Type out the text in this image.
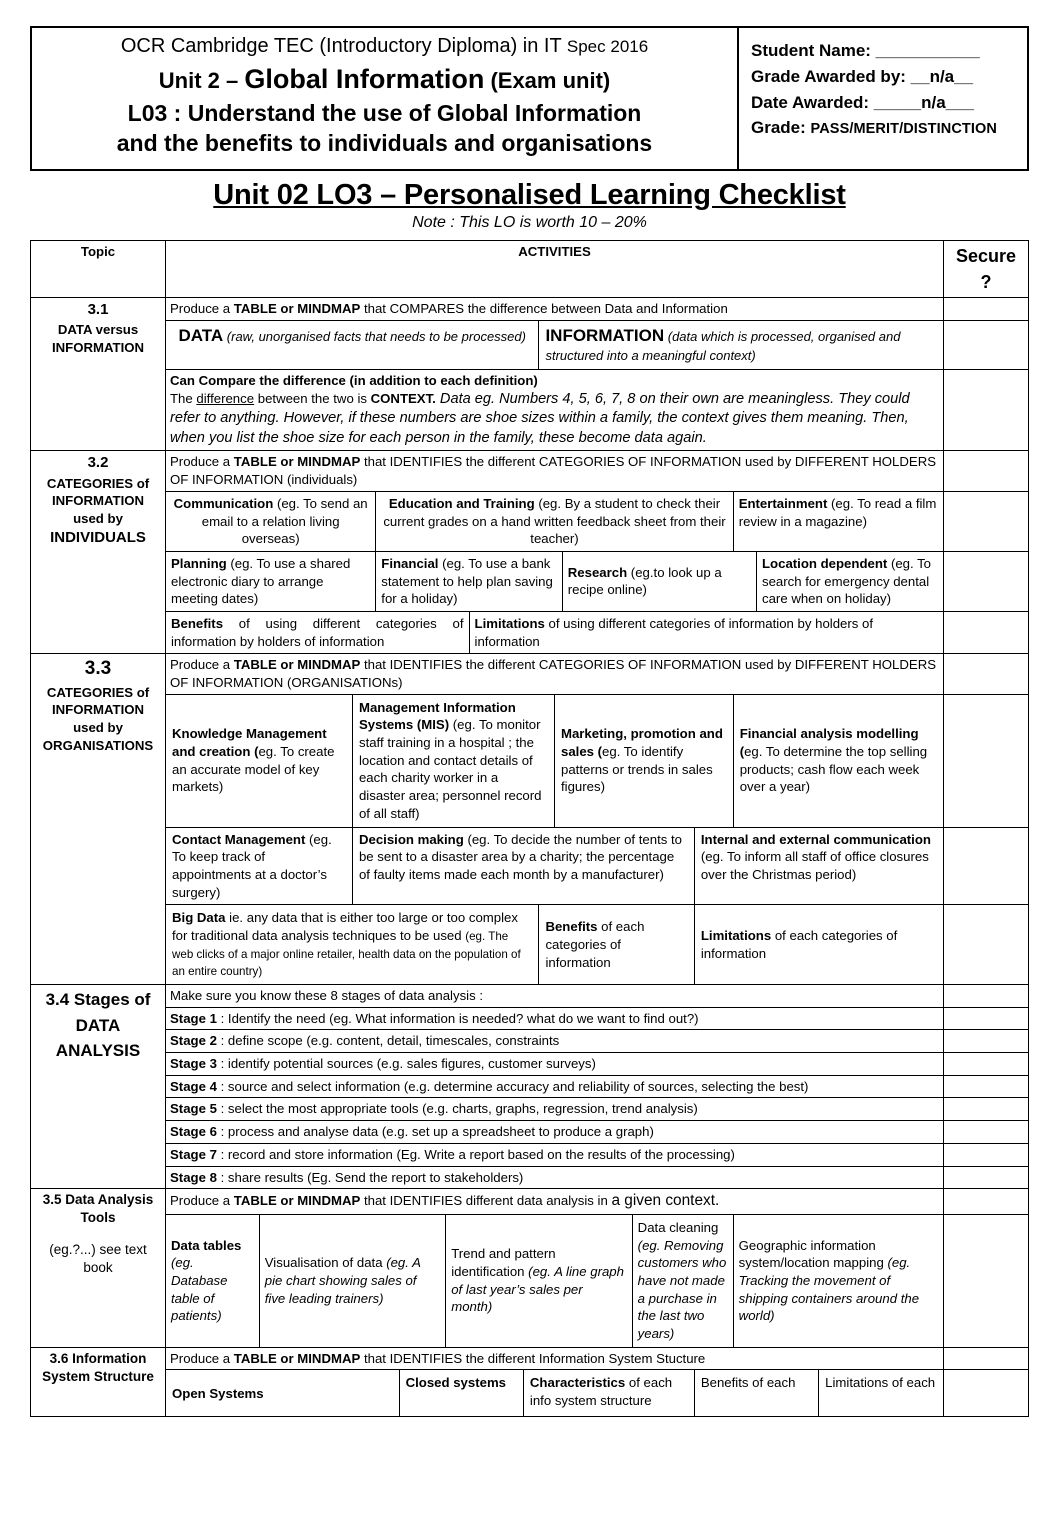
OCR Cambridge TEC (Introductory Diploma) in IT Spec 2016
Unit 2 – Global Information (Exam unit)
L03 : Understand the use of Global Information
and the benefits to individuals and organisations
Student Name: ___________
Grade Awarded by: __n/a__
Date Awarded: _____n/a___
Grade: PASS/MERIT/DISTINCTION
Unit 02 LO3 – Personalised Learning Checklist
Note : This LO is worth 10 – 20%
Topic	ACTIVITIES	Secure
?

3.1
DATA versus
INFORMATION	Produce a TABLE or MINDMAP that COMPARES the difference between Data and Information	

DATA (raw, unorganised facts that needs to be processed)	INFORMATION (data which is processed, organised and structured into a meaningful context)

Can Compare the difference (in addition to each definition)
The difference between the two is CONTEXT. Data eg. Numbers 4, 5, 6, 7, 8 on their own are meaningless. They could refer to anything. However, if these numbers are shoe sizes within a family, the context gives them meaning. Then, when you list the shoe size for each person in the family, these become data again.

3.2
CATEGORIES of
INFORMATION
used by
INDIVIDUALS	Produce a TABLE or MINDMAP that IDENTIFIES the different CATEGORIES OF INFORMATION used by DIFFERENT HOLDERS OF INFORMATION (individuals)	

Communication (eg. To send an email to a relation living overseas)	Education and Training (eg. By a student to check their current grades on a hand written feedback sheet from their teacher)	Entertainment (eg. To read a film review in a magazine)

Planning (eg. To use a shared electronic diary to arrange meeting dates)	Financial (eg. To use a bank statement to help plan saving for a holiday)	Research (eg.to look up a recipe online)	Location dependent (eg. To search for emergency dental care when on holiday)

Benefits of using different categories of information by holders of information	Limitations of using different categories of information by holders of information

3.3
CATEGORIES of
INFORMATION
used by
ORGANISATIONS	Produce a TABLE or MINDMAP that IDENTIFIES the different CATEGORIES OF INFORMATION used by DIFFERENT HOLDERS OF INFORMATION (ORGANISATIONs)	

Knowledge Management and creation (eg. To create an accurate model of key markets)	Management Information Systems (MIS) (eg. To monitor staff training in a hospital ; the location and contact details of each charity worker in a disaster area; personnel record of all staff)	Marketing, promotion and sales (eg. To identify patterns or trends in sales figures)	Financial analysis modelling (eg. To determine the top selling products; cash flow each week over a year)

Contact Management (eg. To keep track of appointments at a doctor’s surgery)	Decision making (eg. To decide the number of tents to be sent to a disaster area by a charity; the percentage of faulty items made each month by a manufacturer)	Internal and external communication (eg. To inform all staff of office closures over the Christmas period)

Big Data ie. any data that is either too large or too complex for traditional data analysis techniques to be used (eg. The web clicks of a major online retailer, health data on the population of an entire country)	Benefits of each categories of information	Limitations of each categories of information

3.4 Stages of
DATA
ANALYSIS	Make sure you know these 8 stages of data analysis :	
Stage 1 : Identify the need (eg. What information is needed? what do we want to find out?)	
Stage 2 : define scope (e.g. content, detail, timescales, constraints	
Stage 3 : identify potential sources (e.g. sales figures, customer surveys)	
Stage 4 : source and select information (e.g. determine accuracy and reliability of sources, selecting the best)	
Stage 5 : select the most appropriate tools (e.g. charts, graphs, regression, trend analysis)	
Stage 6 : process and analyse data (e.g. set up a spreadsheet to produce a graph)	
Stage 7 : record and store information (Eg. Write a report based on the results of the processing)	
Stage 8 : share results (Eg. Send the report to stakeholders)	
3.5 Data Analysis
Tools
(eg.?...) see text
book	Produce a TABLE or MINDMAP that IDENTIFIES different data analysis in a given context.	

Data tables (eg. Database table of patients)	Visualisation of data (eg. A pie chart showing sales of five leading trainers)	Trend and pattern identification (eg. A line graph of last year’s sales per month)	Data cleaning (eg. Removing customers who have not made a purchase in the last two years)	Geographic information system/location mapping (eg. Tracking the movement of shipping containers around the world)

3.6 Information
System Structure	Produce a TABLE or MINDMAP that IDENTIFIES the different Information System Stucture	

Open Systems	Closed systems	Characteristics of each info system structure	Benefits of each	Limitations of each
